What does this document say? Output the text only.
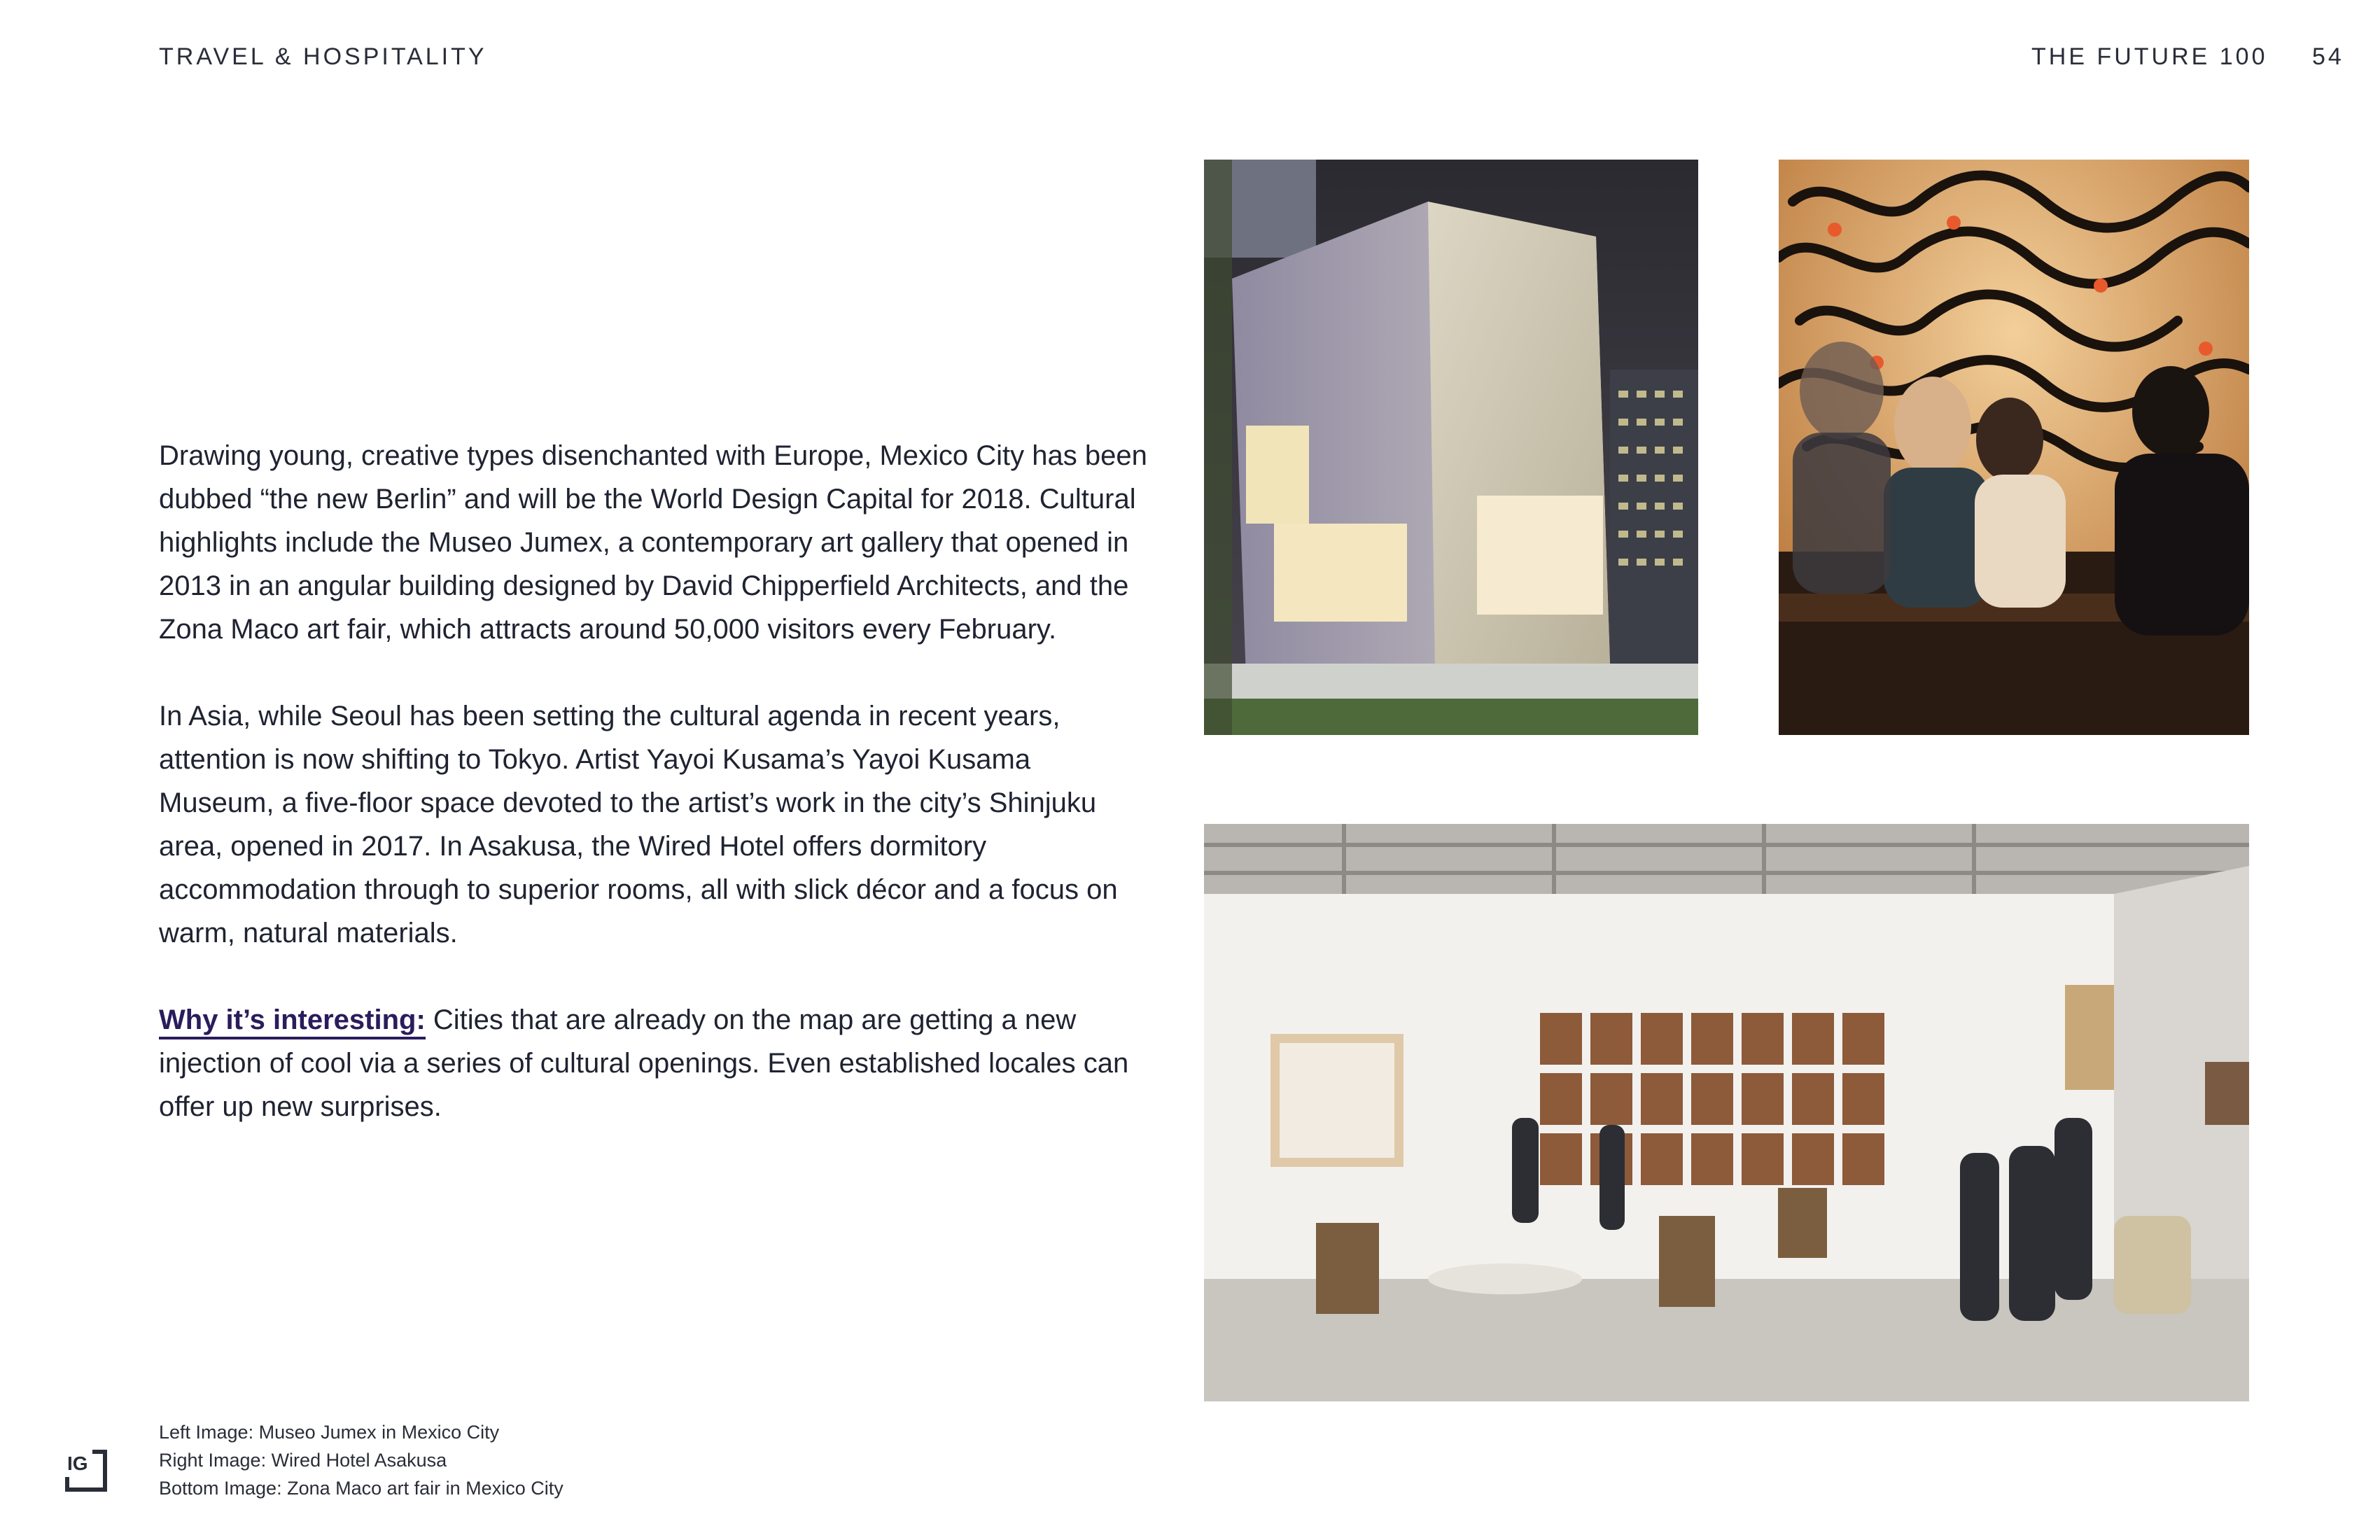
TRAVEL & HOSPITALITY	THE FUTURE 100 54

Drawing young, creative types disenchanted with Europe, Mexico City has been dubbed “the new Berlin” and will be the World Design Capital for 2018. Cultural highlights include the Museo Jumex, a contemporary art gallery that opened in 2013 in an angular building designed by David Chipperfield Architects, and the Zona Maco art fair, which attracts around 50,000 visitors every February.

In Asia, while Seoul has been setting the cultural agenda in recent years, attention is now shifting to Tokyo. Artist Yayoi Kusama’s Yayoi Kusama Museum, a five-floor space devoted to the artist’s work in the city’s Shinjuku area, opened in 2017. In Asakusa, the Wired Hotel offers dormitory accommodation through to superior rooms, all with slick décor and a focus on warm, natural materials.

Why it’s interesting: Cities that are already on the map are getting a new injection of cool via a series of cultural openings. Even established locales can offer up new surprises.

Left Image: Museo Jumex in Mexico City
Right Image: Wired Hotel Asakusa
Bottom Image: Zona Maco art fair in Mexico City
IG
